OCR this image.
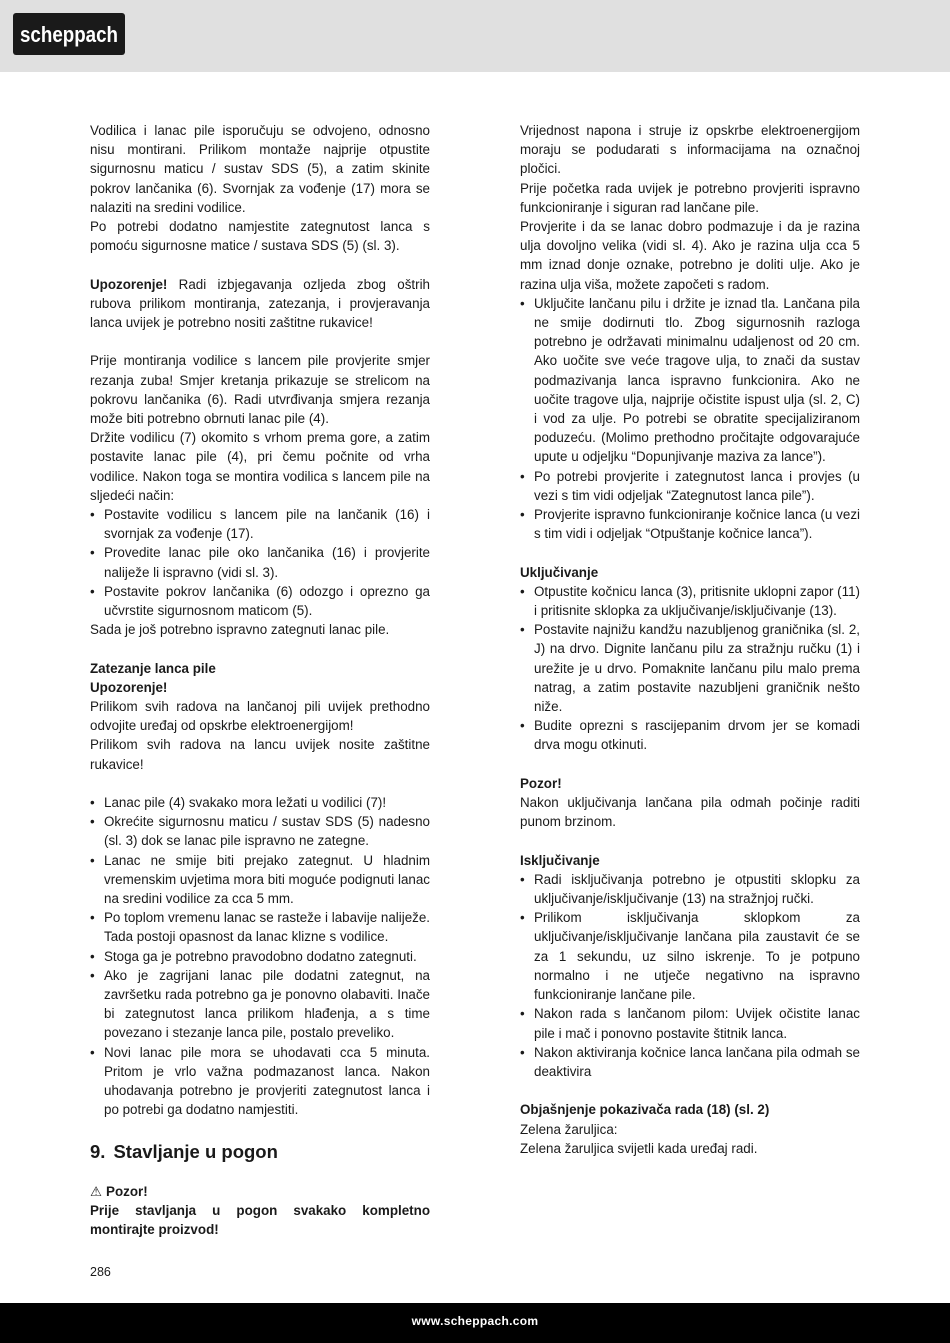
scheppach

Vodilica i lanac pile isporučuju se odvojeno, odnosno nisu montirani. Prilikom montaže najprije otpustite sigurnosnu maticu / sustav SDS (5), a zatim skinite pokrov lančanika (6). Svornjak za vođenje (17) mora se nalaziti na sredini vodilice.

Po potrebi dodatno namjestite zategnutost lanca s pomoću sigurnosne matice / sustava SDS (5) (sl. 3).

Upozorenje! Radi izbjegavanja ozljeda zbog oštrih rubova prilikom montiranja, zatezanja, i provjeravanja lanca uvijek je potrebno nositi zaštitne rukavice!

Prije montiranja vodilice s lancem pile provjerite smjer rezanja zuba! Smjer kretanja prikazuje se strelicom na pokrovu lančanika (6). Radi utvrđivanja smjera rezanja može biti potrebno obrnuti lanac pile (4).

Držite vodilicu (7) okomito s vrhom prema gore, a zatim postavite lanac pile (4), pri čemu počnite od vrha vodilice. Nakon toga se montira vodilica s lancem pile na sljedeći način:

• Postavite vodilicu s lancem pile na lančanik (16) i svornjak za vođenje (17).
• Provedite lanac pile oko lančanika (16) i provjerite naliježe li ispravno (vidi sl. 3).
• Postavite pokrov lančanika (6) odozgo i oprezno ga učvrstite sigurnosnom maticom (5).

Sada je još potrebno ispravno zategnuti lanac pile.

Zatezanje lanca pile

Upozorenje!

Prilikom svih radova na lančanoj pili uvijek prethodno odvojite uređaj od opskrbe elektroenergijom!

Prilikom svih radova na lancu uvijek nosite zaštitne rukavice!

• Lanac pile (4) svakako mora ležati u vodilici (7)!
• Okrećite sigurnosnu maticu / sustav SDS (5) nadesno (sl. 3) dok se lanac pile ispravno ne zategne.
• Lanac ne smije biti prejako zategnut. U hladnim vremenskim uvjetima mora biti moguće podignuti lanac na sredini vodilice za cca 5 mm.
• Po toplom vremenu lanac se rasteže i labavije naliježe. Tada postoji opasnost da lanac klizne s vodilice.
• Stoga ga je potrebno pravodobno dodatno zategnuti.
• Ako je zagrijani lanac pile dodatni zategnut, na završetku rada potrebno ga je ponovno olabaviti. Inače bi zategnutost lanca prilikom hlađenja, a s time povezano i stezanje lanca pile, postalo preveliko.
• Novi lanac pile mora se uhodavati cca 5 minuta. Pritom je vrlo važna podmazanost lanca. Nakon uhodavanja potrebno je provjeriti zategnutost lanca i po potrebi ga dodatno namjestiti.

9. Stavljanje u pogon

⚠ Pozor!

Prije stavljanja u pogon svakako kompletno montirajte proizvod!

Vrijednost napona i struje iz opskrbe elektroenergijom moraju se podudarati s informacijama na označnoj pločici.

Prije početka rada uvijek je potrebno provjeriti ispravno funkcioniranje i siguran rad lančane pile.

Provjerite i da se lanac dobro podmazuje i da je razina ulja dovoljno velika (vidi sl. 4). Ako je razina ulja cca 5 mm iznad donje oznake, potrebno je doliti ulje. Ako je razina ulja viša, možete započeti s radom.

• Uključite lančanu pilu i držite je iznad tla. Lančana pila ne smije dodirnuti tlo. Zbog sigurnosnih razloga potrebno je održavati minimalnu udaljenost od 20 cm. Ako uočite sve veće tragove ulja, to znači da sustav podmazivanja lanca ispravno funkcionira. Ako ne uočite tragove ulja, najprije očistite ispust ulja (sl. 2, C) i vod za ulje. Po potrebi se obratite specijaliziranom poduzeću. (Molimo prethodno pročitajte odgovarajuće upute u odjeljku “Dopunjivanje maziva za lance”).
• Po potrebi provjerite i zategnutost lanca i provjes (u vezi s tim vidi odjeljak “Zategnutost lanca pile”).
• Provjerite ispravno funkcioniranje kočnice lanca (u vezi s tim vidi i odjeljak “Otpuštanje kočnice lanca”).

Uključivanje

• Otpustite kočnicu lanca (3), pritisnite uklopni zapor (11) i pritisnite sklopka za uključivanje/isključivanje (13).
• Postavite najnižu kandžu nazubljenog graničnika (sl. 2, J) na drvo. Dignite lančanu pilu za stražnju ručku (1) i urežite je u drvo. Pomaknite lančanu pilu malo prema natrag, a zatim postavite nazubljeni graničnik nešto niže.
• Budite oprezni s rascijepanim drvom jer se komadi drva mogu otkinuti.

Pozor!

Nakon uključivanja lančana pila odmah počinje raditi punom brzinom.

Isključivanje

• Radi isključivanja potrebno je otpustiti sklopku za uključivanje/isključivanje (13) na stražnjoj ručki.
• Prilikom isključivanja sklopkom za uključivanje/isključivanje lančana pila zaustavit će se za 1 sekundu, uz silno iskrenje. To je potpuno normalno i ne utječe negativno na ispravno funkcioniranje lančane pile.
• Nakon rada s lančanom pilom: Uvijek očistite lanac pile i mač i ponovno postavite štitnik lanca.
• Nakon aktiviranja kočnice lanca lančana pila odmah se deaktivira

Objašnjenje pokazivača rada (18) (sl. 2)

Zelena žaruljica:

Zelena žaruljica svijetli kada uređaj radi.

286
www.scheppach.com
